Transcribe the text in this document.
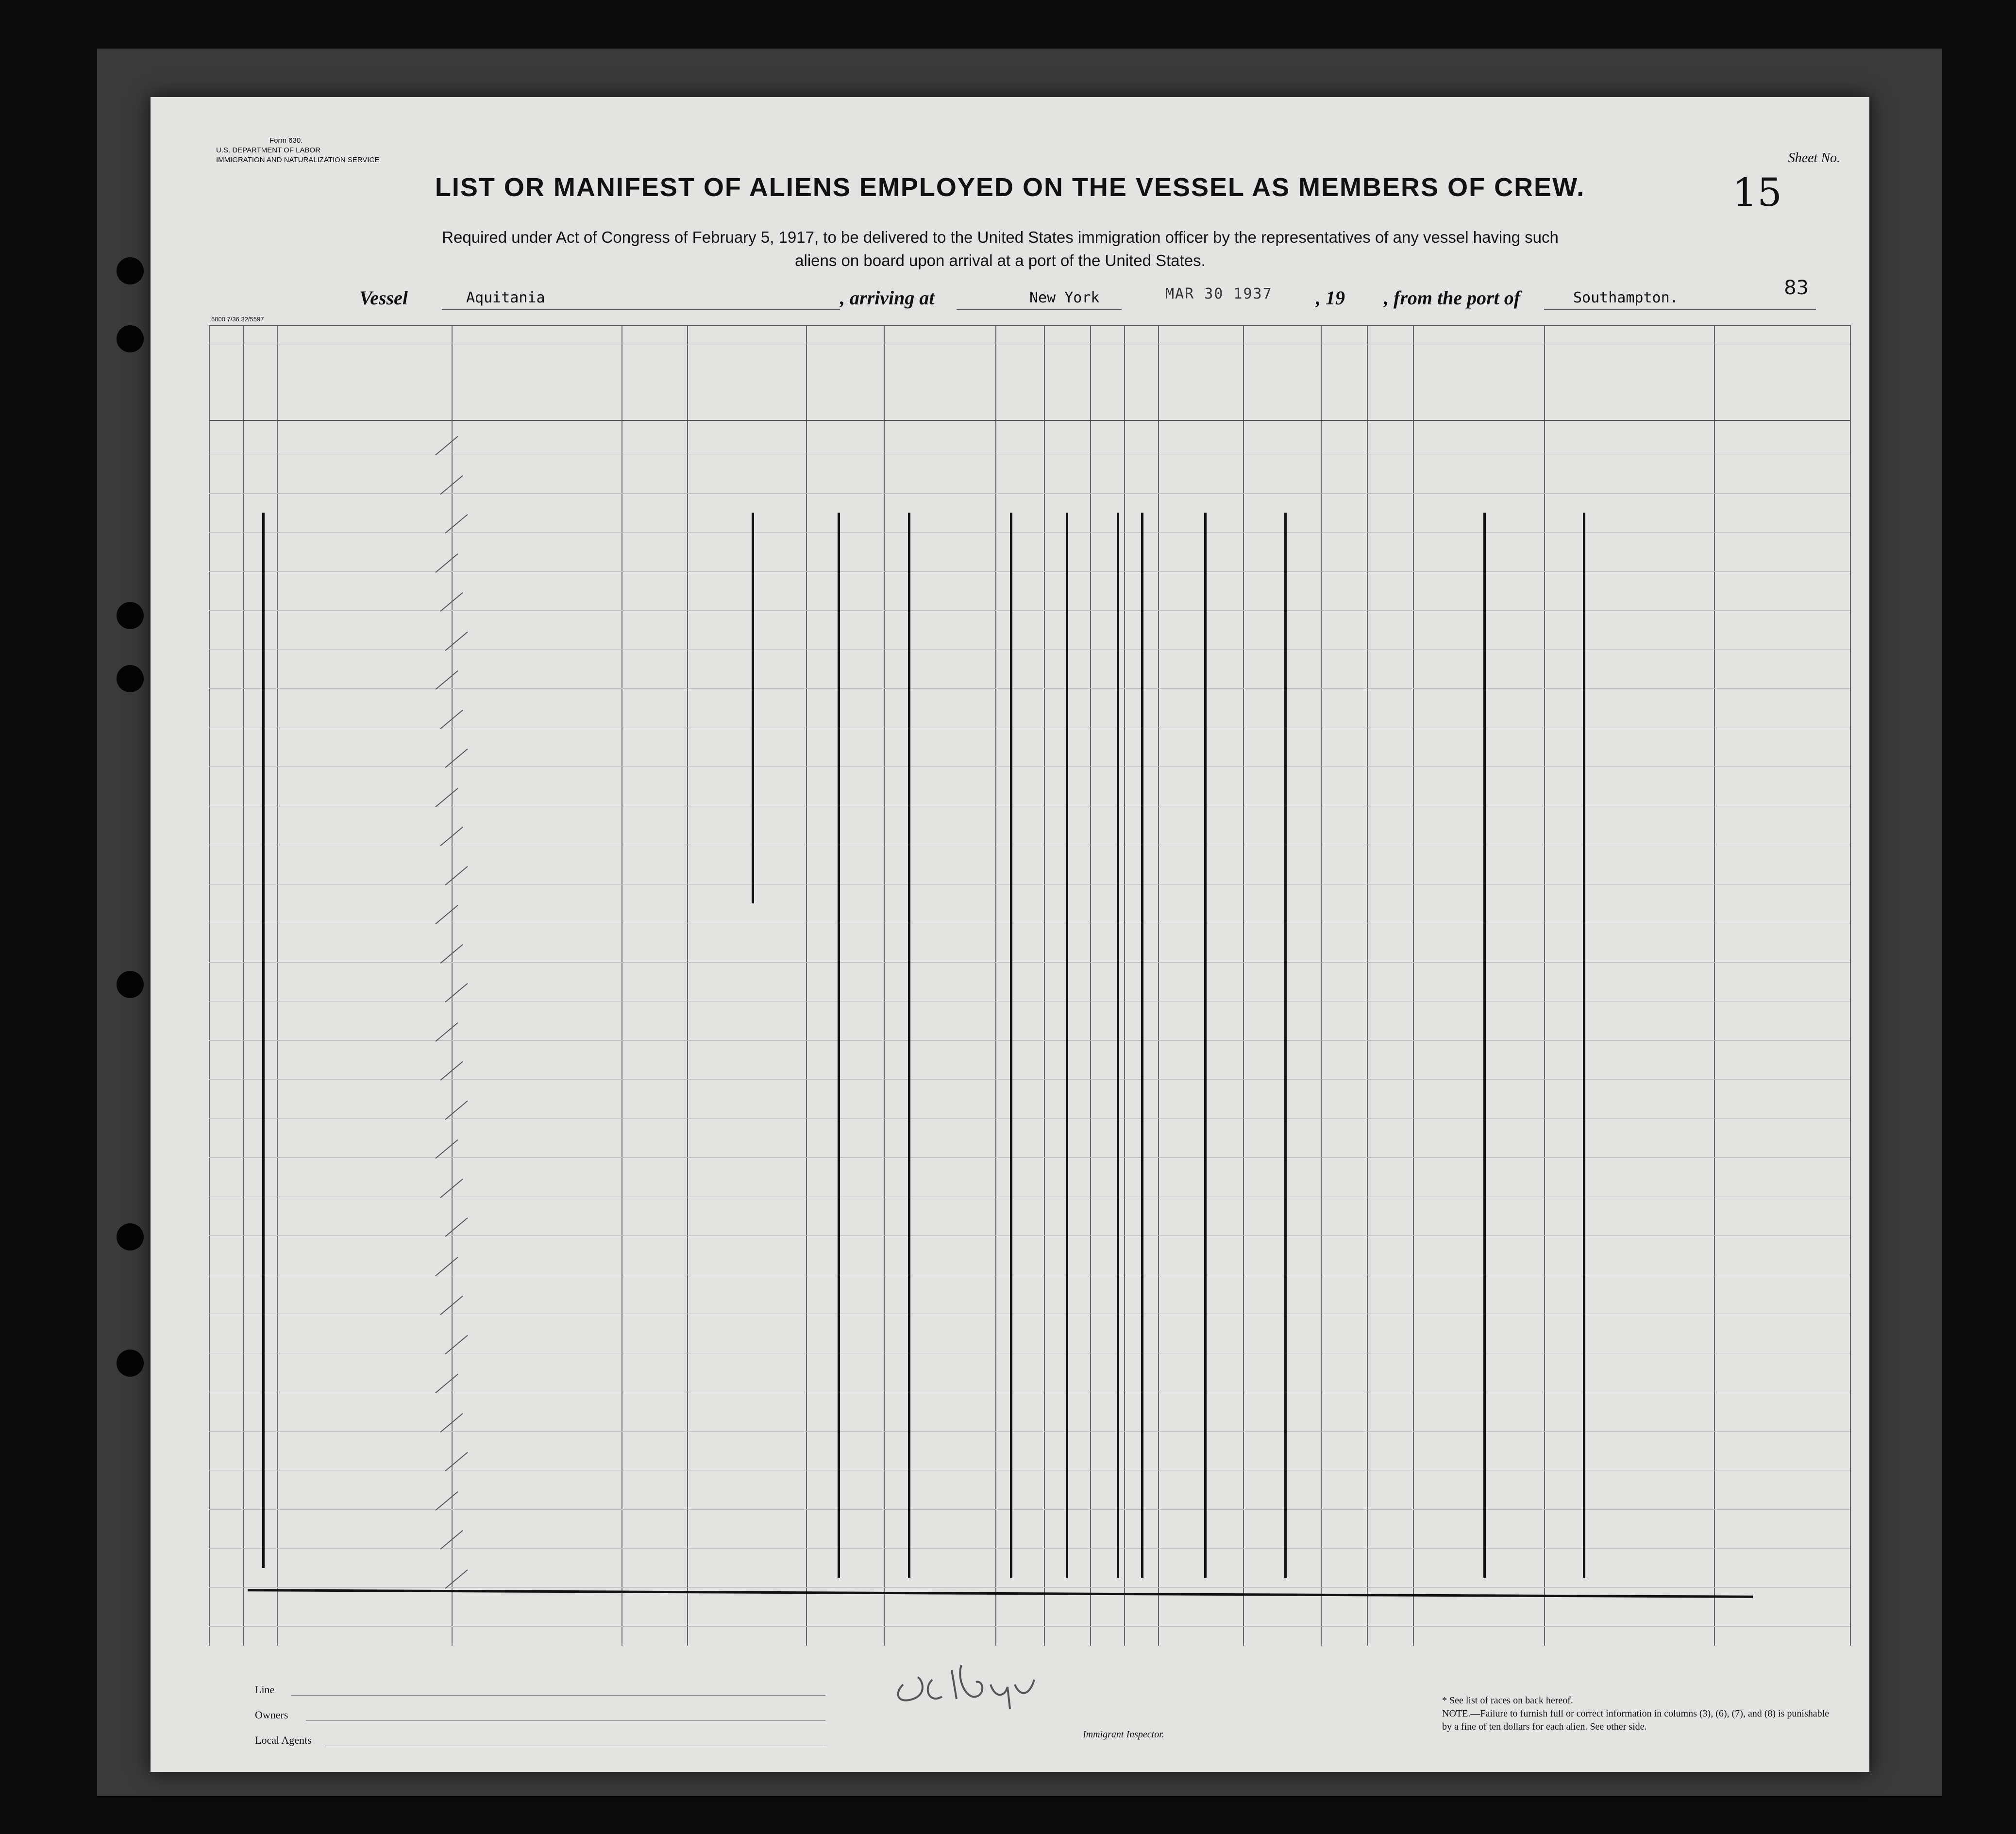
Form 630.
U.S. DEPARTMENT OF LABOR
IMMIGRATION AND NATURALIZATION SERVICE	Sheet No.
15
LIST OR MANIFEST OF ALIENS EMPLOYED ON THE VESSEL AS MEMBERS OF CREW.
Required under Act of Congress of February 5, 1917, to be delivered to the United States immigration officer by the representatives of any vessel having such
aliens on board upon arrival at a port of the United States.
Vessel	Aquitania	, arriving at	New York	MAR 30 1937 , 19 , from the port of	Southampton.	83
6000 7/36 32/5597
Line
Owners
Local Agents	Immigrant Inspector.
* See list of races on back hereof.
NOTE.—Failure to furnish full or correct information in columns (3), (6), (7), and (8) is punishable by a fine of ten dollars for each alien. See other side.
